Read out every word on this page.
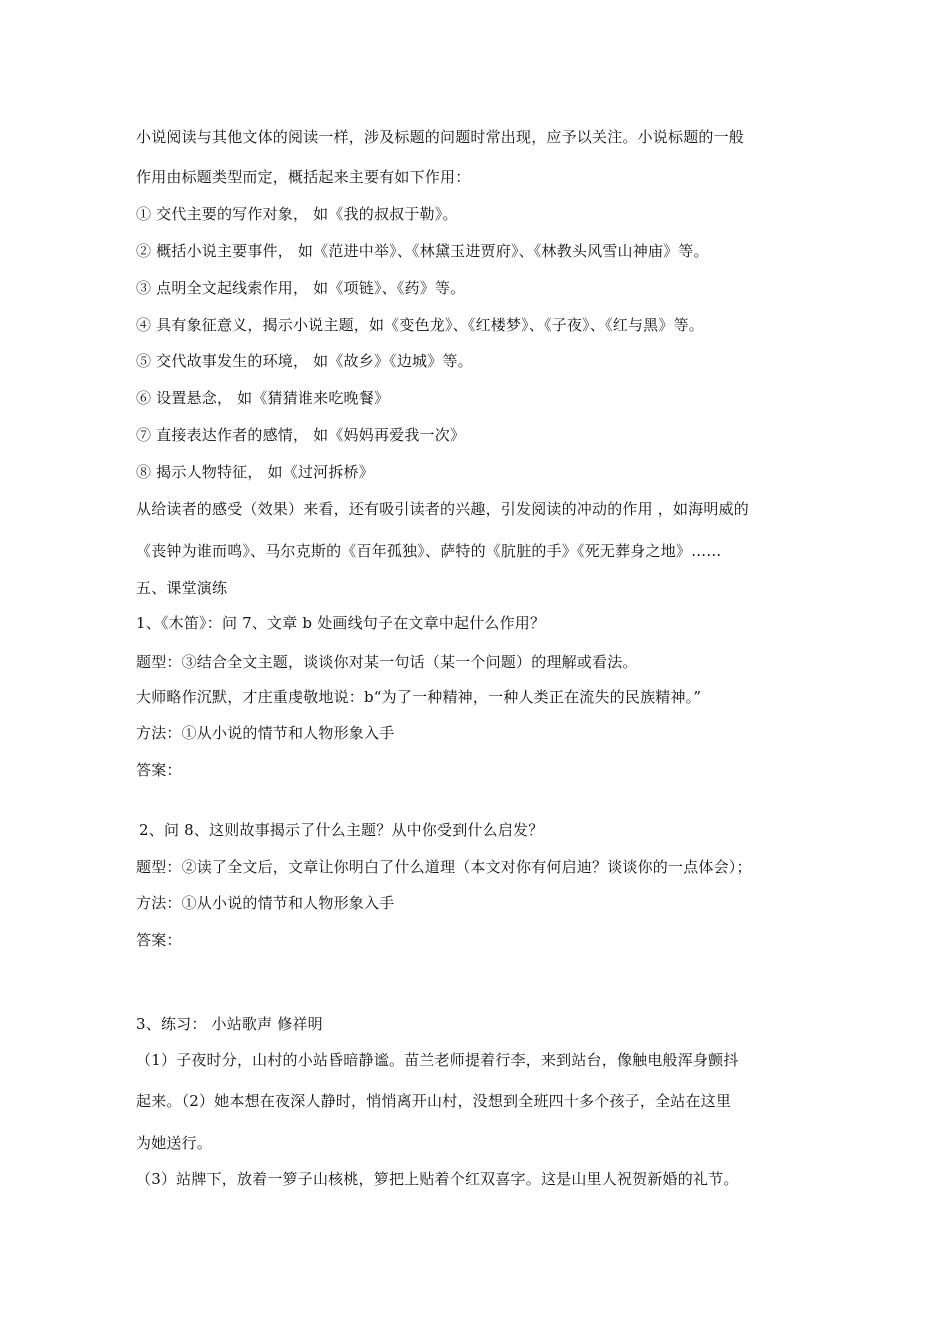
小说阅读与其他文体的阅读一样，涉及标题的问题时常出现，应予以关注。小说标题的一般
作用由标题类型而定，概括起来主要有如下作用：
① 交代主要的写作对象， 如《我的叔叔于勒》。
② 概括小说主要事件， 如《范进中举》、《林黛玉进贾府》、《林教头风雪山神庙》等。
③ 点明全文起线索作用， 如《项链》、《药》等。
④ 具有象征意义，揭示小说主题，如《变色龙》、《红楼梦》、《子夜》、《红与黑》等。
⑤ 交代故事发生的环境， 如《故乡》《边城》等。
⑥ 设置悬念， 如《猜猜谁来吃晚餐》
⑦ 直接表达作者的感情， 如《妈妈再爱我一次》
⑧ 揭示人物特征， 如《过河拆桥》
从给读者的感受（效果）来看，还有吸引读者的兴趣，引发阅读的冲动的作用 ，如海明威的
《丧钟为谁而鸣》、马尔克斯的《百年孤独》、萨特的《肮脏的手》《死无葬身之地》……
五、课堂演练
1、《木笛》：问 7、文章 b 处画线句子在文章中起什么作用？
题型：③结合全文主题，谈谈你对某一句话（某一个问题）的理解或看法。
大师略作沉默，才庄重虔敬地说：b“为了一种精神，一种人类正在流失的民族精神。”
方法：①从小说的情节和人物形象入手
答案：
2、问 8、这则故事揭示了什么主题？从中你受到什么启发？
题型：②读了全文后，文章让你明白了什么道理（本文对你有何启迪？谈谈你的一点体会）；
方法：①从小说的情节和人物形象入手
答案：
3、练习： 小站歌声 修祥明
（1）子夜时分，山村的小站昏暗静谧。苗兰老师提着行李，来到站台，像触电般浑身颤抖
起来。（2）她本想在夜深人静时，悄悄离开山村，没想到全班四十多个孩子，全站在这里
为她送行。
（3）站牌下，放着一箩子山核桃，箩把上贴着个红双喜字。这是山里人祝贺新婚的礼节。
